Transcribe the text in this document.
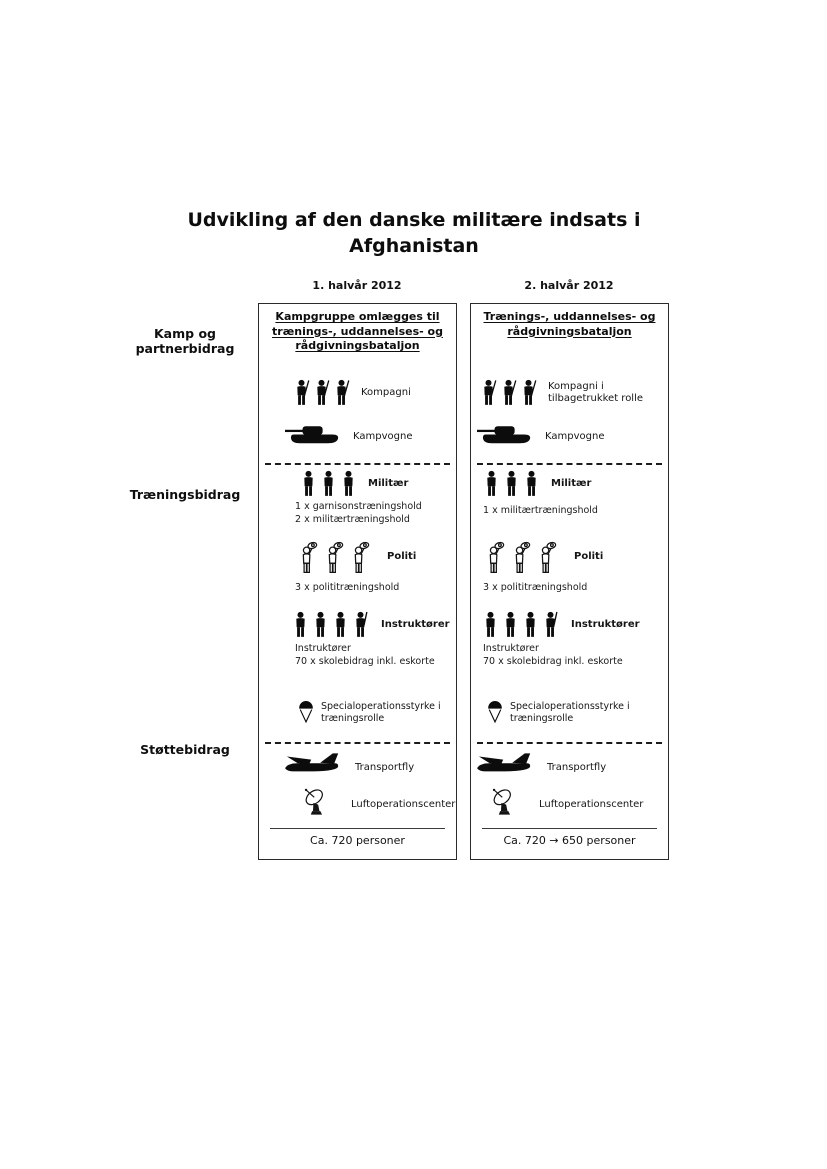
Udvikling af den danske militære indsats i Afghanistan
1. halvår 2012	2. halvår 2012
Kamp og partnerbidrag
Træningsbidrag
Støttebidrag
Kampgruppe omlægges til trænings-, uddannelses- og rådgivningsbataljon
Kompagni
Kampvogne
Militær
1 x garnisonstræningshold
2 x militærtræningshold
Politi
3 x polititræningshold
Instruktører
Instruktører
70 x skolebidrag inkl. eskorte
Specialoperationsstyrke i træningsrolle
Transportfly
Luftoperationscenter
Ca. 720 personer
Trænings-, uddannelses- og rådgivningsbataljon
Kompagni i tilbagetrukket rolle
Kampvogne
Militær
1 x militærtræningshold
Politi
3 x polititræningshold
Instruktører
Instruktører
70 x skolebidrag inkl. eskorte
Specialoperationsstyrke i træningsrolle
Transportfly
Luftoperationscenter
Ca. 720 → 650 personer
